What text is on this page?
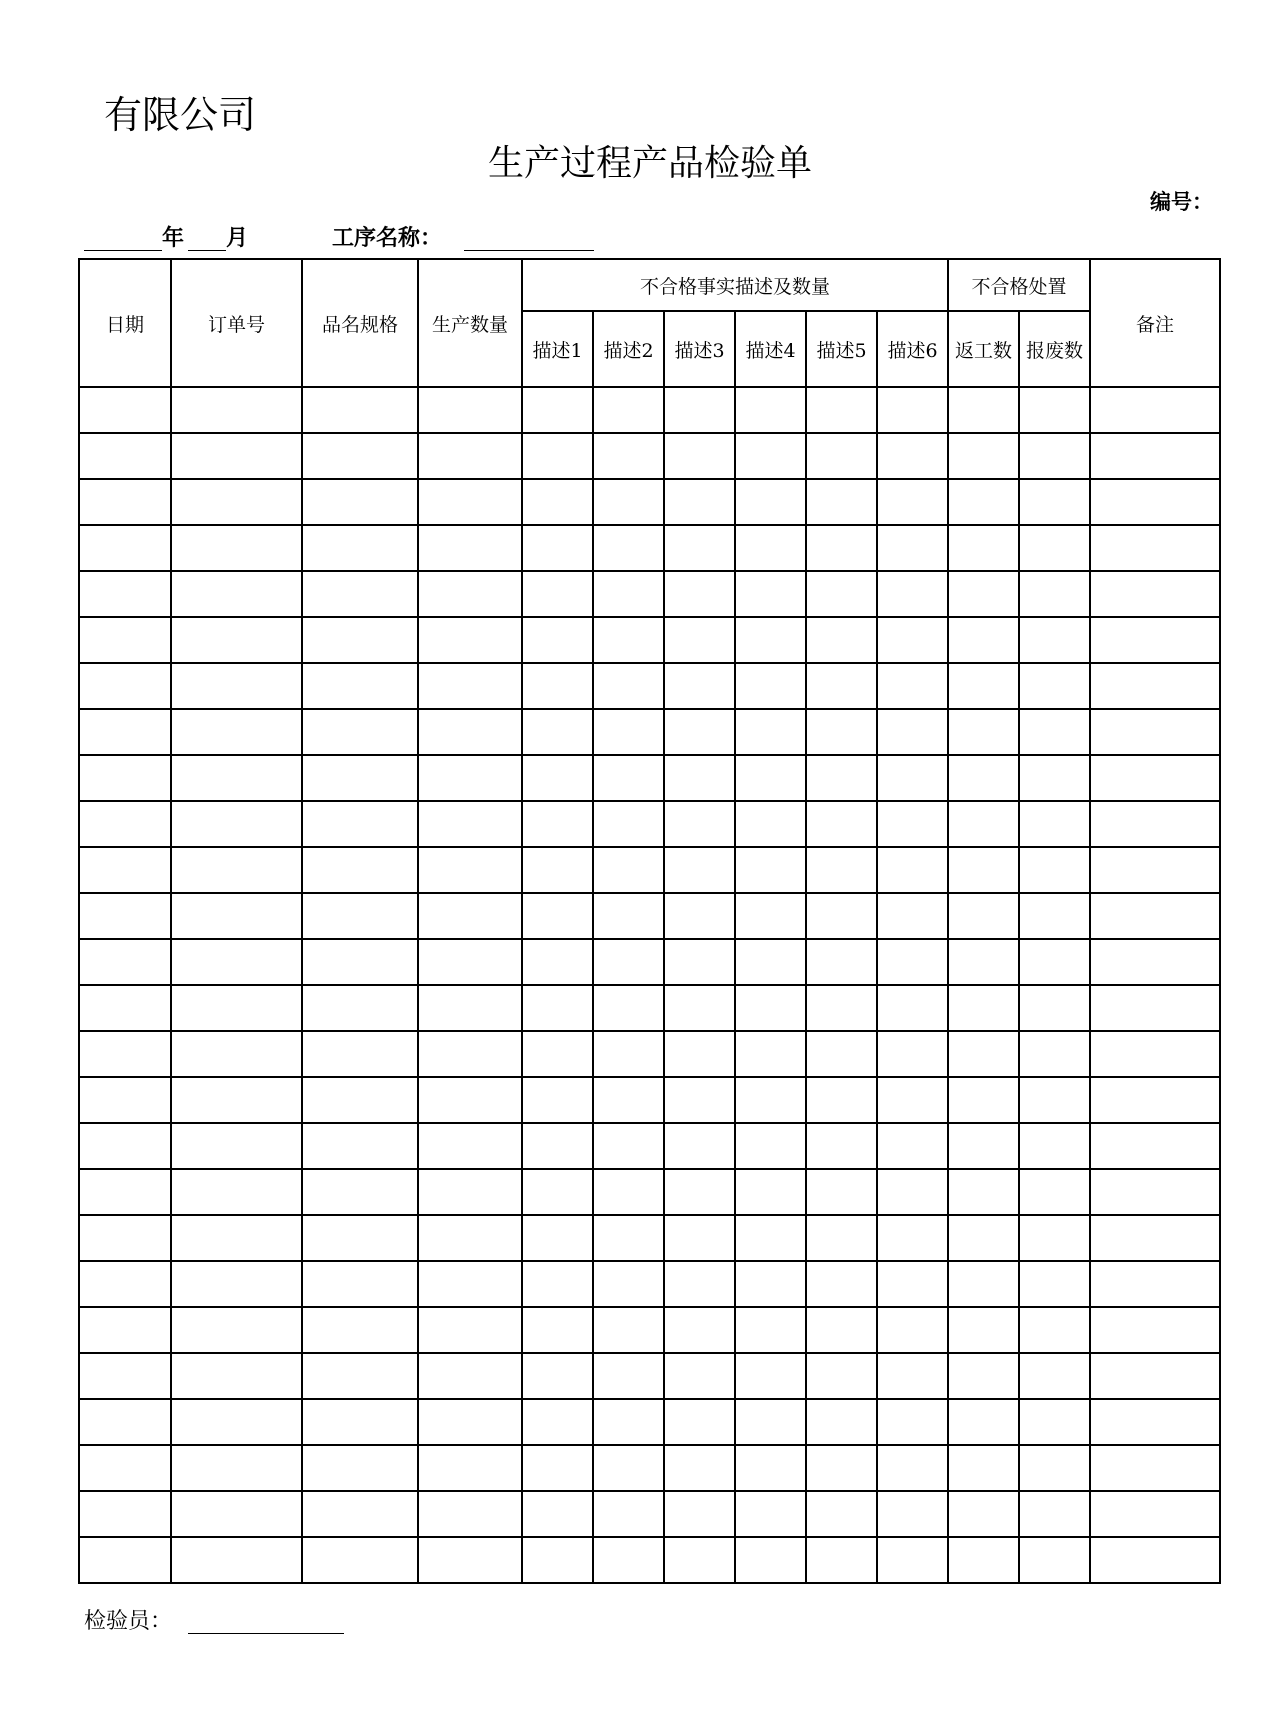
有限公司
生产过程产品检验单
编号：
年 月	工序名称：
日期	订单号	品名规格	生产数量	不合格事实描述及数量						不合格处置		备注
				描述1	描述2	描述3	描述4	描述5	描述6	返工数	报废数	

检验员：
